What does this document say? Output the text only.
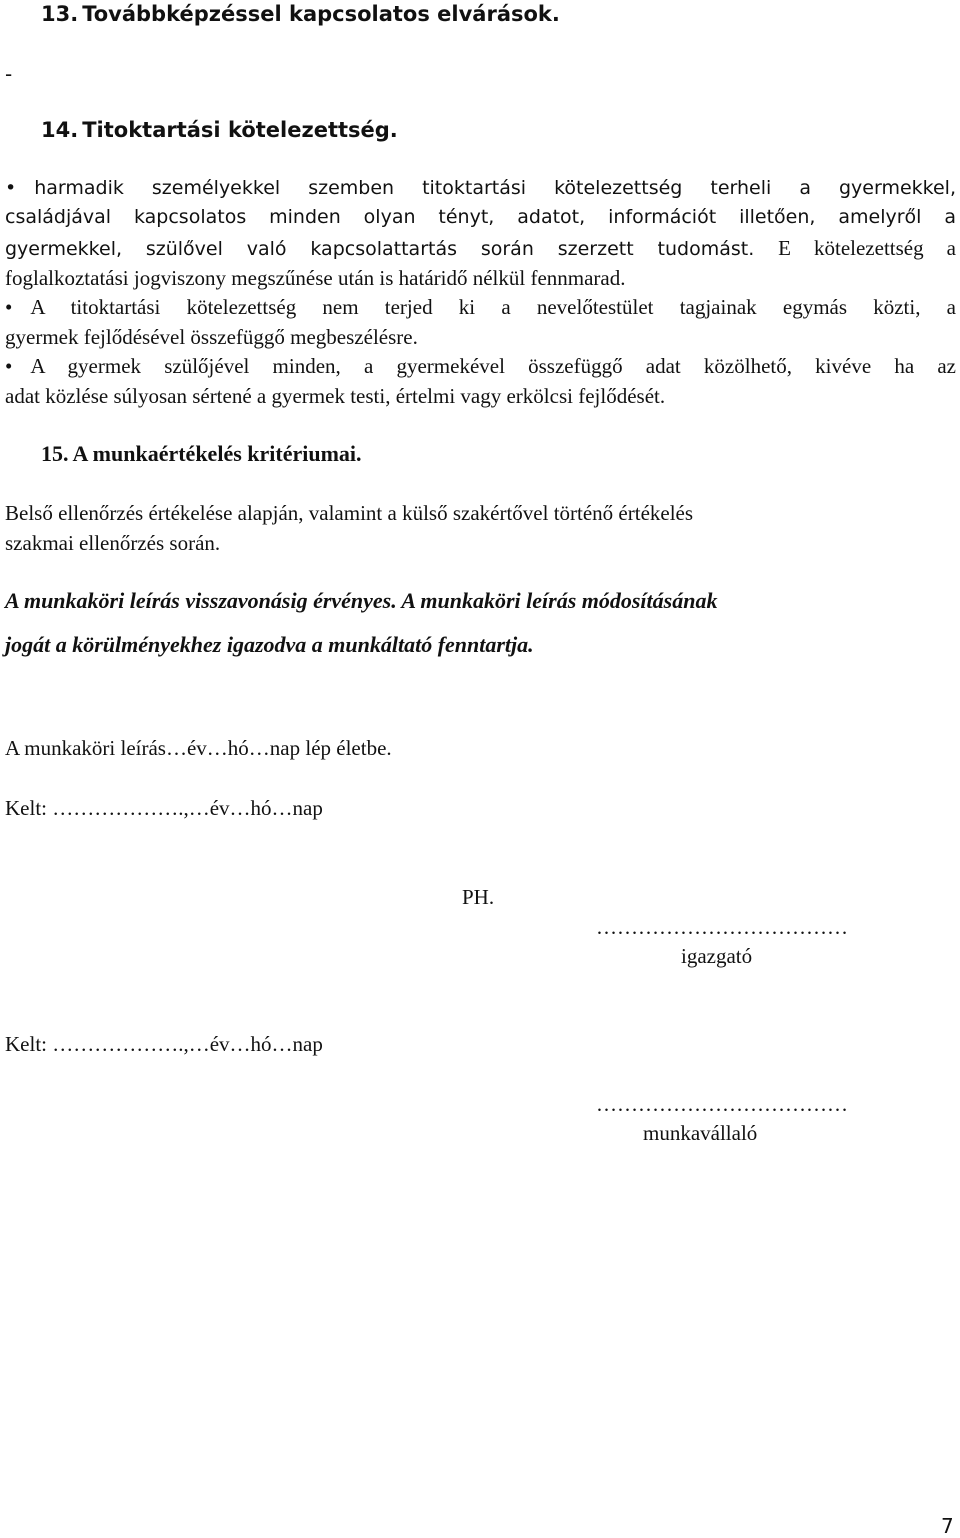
13. Továbbképzéssel kapcsolatos elvárások.
-
14. Titoktartási kötelezettség.
• harmadik személyekkel szemben titoktartási kötelezettség terheli a gyermekkel,
családjával kapcsolatos minden olyan tényt, adatot, információt illetően, amelyről a
gyermekkel, szülővel való kapcsolattartás során szerzett tudomást. E kötelezettség a
foglalkoztatási jogviszony megszűnése után is határidő nélkül fennmarad.
• A titoktartási kötelezettség nem terjed ki a nevelőtestület tagjainak egymás közti, a
gyermek fejlődésével összefüggő megbeszélésre.
• A gyermek szülőjével minden, a gyermekével összefüggő adat közölhető, kivéve ha az
adat közlése súlyosan sértené a gyermek testi, értelmi vagy erkölcsi fejlődését.
15. A munkaértékelés kritériumai.
Belső ellenőrzés értékelése alapján, valamint a külső szakértővel történő értékelés
szakmai ellenőrzés során.
A munkaköri leírás visszavonásig érvényes. A munkaköri leírás módosításának
jogát a körülményekhez igazodva a munkáltató fenntartja.
A munkaköri leírás…év…hó…nap lép életbe.
Kelt: ……………….,…év…hó…nap
PH.
………………………………
igazgató
Kelt: ……………….,…év…hó…nap
………………………………
munkavállaló
7
